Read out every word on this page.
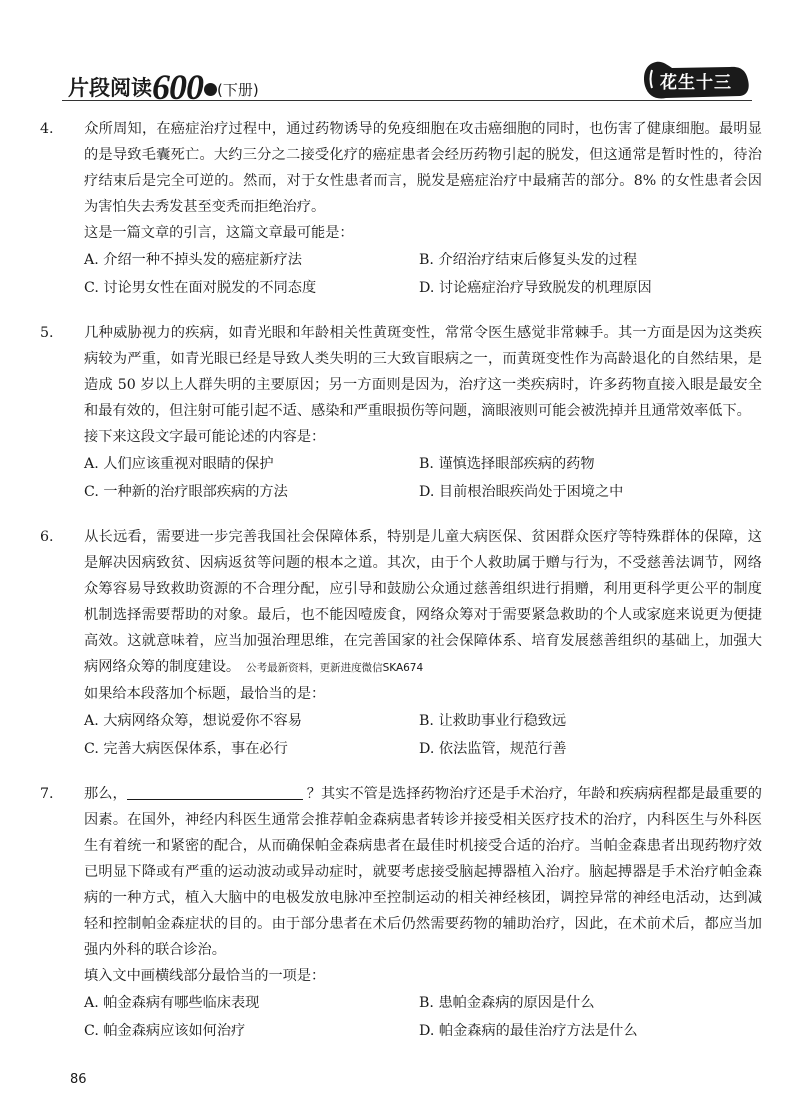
片段阅读600 (下册)	花生十三
4. 众所周知，在癌症治疗过程中，通过药物诱导的免疫细胞在攻击癌细胞的同时，也伤害了健康细胞。最明显的是导致毛囊死亡。大约三分之二接受化疗的癌症患者会经历药物引起的脱发，但这通常是暂时性的，待治疗结束后是完全可逆的。然而，对于女性患者而言，脱发是癌症治疗中最痛苦的部分。8% 的女性患者会因为害怕失去秀发甚至变秃而拒绝治疗。
这是一篇文章的引言，这篇文章最可能是：
A. 介绍一种不掉头发的癌症新疗法	B. 介绍治疗结束后修复头发的过程
C. 讨论男女性在面对脱发的不同态度	D. 讨论癌症治疗导致脱发的机理原因
5. 几种威胁视力的疾病，如青光眼和年龄相关性黄斑变性，常常令医生感觉非常棘手。其一方面是因为这类疾病较为严重，如青光眼已经是导致人类失明的三大致盲眼病之一，而黄斑变性作为高龄退化的自然结果，是造成 50 岁以上人群失明的主要原因；另一方面则是因为，治疗这一类疾病时，许多药物直接入眼是最安全和最有效的，但注射可能引起不适、感染和严重眼损伤等问题，滴眼液则可能会被洗掉并且通常效率低下。
接下来这段文字最可能论述的内容是：
A. 人们应该重视对眼睛的保护	B. 谨慎选择眼部疾病的药物
C. 一种新的治疗眼部疾病的方法	D. 目前根治眼疾尚处于困境之中
6. 从长远看，需要进一步完善我国社会保障体系，特别是儿童大病医保、贫困群众医疗等特殊群体的保障，这是解决因病致贫、因病返贫等问题的根本之道。其次，由于个人救助属于赠与行为，不受慈善法调节，网络众筹容易导致救助资源的不合理分配，应引导和鼓励公众通过慈善组织进行捐赠，利用更科学更公平的制度机制选择需要帮助的对象。最后，也不能因噎废食，网络众筹对于需要紧急救助的个人或家庭来说更为便捷高效。这就意味着，应当加强治理思维，在完善国家的社会保障体系、培育发展慈善组织的基础上，加强大病网络众筹的制度建设。 公考最新资料，更新进度微信SKA674
如果给本段落加个标题，最恰当的是：
A. 大病网络众筹，想说爱你不容易	B. 让救助事业行稳致远
C. 完善大病医保体系，事在必行	D. 依法监管，规范行善
7. 那么，	？其实不管是选择药物治疗还是手术治疗，年龄和疾病病程都是最重要的因素。在国外，神经内科医生通常会推荐帕金森病患者转诊并接受相关医疗技术的治疗，内科医生与外科医生有着统一和紧密的配合，从而确保帕金森病患者在最佳时机接受合适的治疗。当帕金森患者出现药物疗效已明显下降或有严重的运动波动或异动症时，就要考虑接受脑起搏器植入治疗。脑起搏器是手术治疗帕金森病的一种方式，植入大脑中的电极发放电脉冲至控制运动的相关神经核团，调控异常的神经电活动，达到减轻和控制帕金森症状的目的。由于部分患者在术后仍然需要药物的辅助治疗，因此，在术前术后，都应当加强内外科的联合诊治。
填入文中画横线部分最恰当的一项是：
A. 帕金森病有哪些临床表现	B. 患帕金森病的原因是什么
C. 帕金森病应该如何治疗	D. 帕金森病的最佳治疗方法是什么
86
